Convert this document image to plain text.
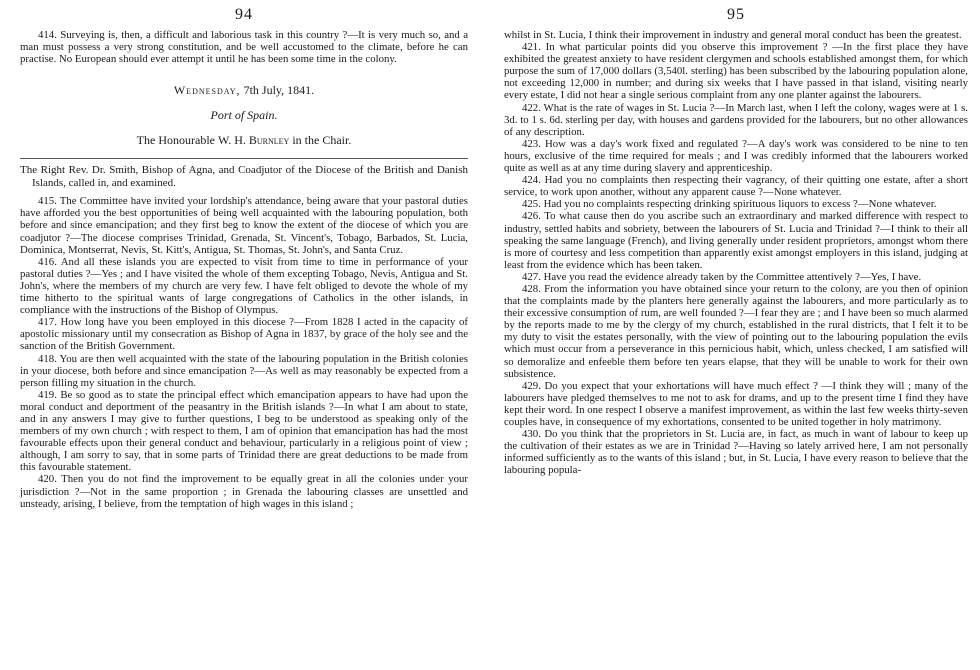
94

414. Surveying is, then, a difficult and laborious task in this country ?—It is very much so, and a man must possess a very strong constitution, and be well accustomed to the climate, before he can practise. No European should ever attempt it until he has been some time in the colony.

Wednesday, 7th July, 1841.
Port of Spain.
The Honourable W. H. Burnley in the Chair.

The Right Rev. Dr. Smith, Bishop of Agna, and Coadjutor of the Diocese of the British and Danish Islands, called in, and examined.

415. The Committee have invited your lordship's attendance, being aware that your pastoral duties have afforded you the best opportunities of being well acquainted with the labouring population, both before and since emancipation; and they first beg to know the extent of the diocese of which you are coadjutor ?—The diocese comprises Trinidad, Grenada, St. Vincent's, Tobago, Barbados, St. Lucia, Dominica, Montserrat, Nevis, St. Kitt's, Antigua, St. Thomas, St. John's, and Santa Cruz.

416. And all these islands you are expected to visit from time to time in performance of your pastoral duties ?—Yes ; and I have visited the whole of them excepting Tobago, Nevis, Antigua and St. John's, where the members of my church are very few. I have felt obliged to devote the whole of my time hitherto to the spiritual wants of large congregations of Catholics in the other islands, in compliance with the instructions of the Bishop of Olympus.

417. How long have you been employed in this diocese ?—From 1828 I acted in the capacity of apostolic missionary until my consecration as Bishop of Agna in 1837, by grace of the holy see and the sanction of the British Government.

418. You are then well acquainted with the state of the labouring population in the British colonies in your diocese, both before and since emancipation ?—As well as may reasonably be expected from a person filling my situation in the church.

419. Be so good as to state the principal effect which emancipation appears to have had upon the moral conduct and deportment of the peasantry in the British islands ?—In what I am about to state, and in any answers I may give to further questions, I beg to be understood as speaking only of the members of my own church ; with respect to them, I am of opinion that emancipation has had the most favourable effects upon their general conduct and behaviour, particularly in a religious point of view ; although, I am sorry to say, that in some parts of Trinidad there are great deductions to be made from this favourable statement.

420. Then you do not find the improvement to be equally great in all the colonies under your jurisdiction ?—Not in the same proportion ; in Grenada the labouring classes are unsettled and unsteady, arising, I believe, from the temptation of high wages in this island ;

95

whilst in St. Lucia, I think their improvement in industry and general moral conduct has been the greatest.

421. In what particular points did you observe this improvement ? —In the first place they have exhibited the greatest anxiety to have resident clergymen and schools established amongst them, for which purpose the sum of 17,000 dollars (3,540l. sterling) has been subscribed by the labouring population alone, not exceeding 12,000 in number; and during six weeks that I have passed in that island, visiting nearly every estate, I did not hear a single serious complaint from any one planter against the labourers.

422. What is the rate of wages in St. Lucia ?—In March last, when I left the colony, wages were at 1 s. 3d. to 1 s. 6d. sterling per day, with houses and gardens provided for the labourers, but no other allowances of any description.

423. How was a day's work fixed and regulated ?—A day's work was considered to be nine to ten hours, exclusive of the time required for meals ; and I was credibly informed that the labourers worked quite as well as at any time during slavery and apprenticeship.

424. Had you no complaints then respecting their vagrancy, of their quitting one estate, after a short service, to work upon another, without any apparent cause ?—None whatever.

425. Had you no complaints respecting drinking spirituous liquors to excess ?—None whatever.

426. To what cause then do you ascribe such an extraordinary and marked difference with respect to industry, settled habits and sobriety, between the labourers of St. Lucia and Trinidad ?—I think to their all speaking the same language (French), and living generally under resident proprietors, amongst whom there is more of courtesy and less competition than apparently exist amongst employers in this island, judging at least from the evidence which has been taken.

427. Have you read the evidence already taken by the Committee attentively ?—Yes, I have.

428. From the information you have obtained since your return to the colony, are you then of opinion that the complaints made by the planters here generally against the labourers, and more particularly as to their excessive consumption of rum, are well founded ?—I fear they are ; and I have been so much alarmed by the reports made to me by the clergy of my church, established in the rural districts, that I felt it to be my duty to visit the estates personally, with the view of pointing out to the labouring population the evils which must occur from a perseverance in this pernicious habit, which, unless checked, I am satisfied will so demoralize and enfeeble them before ten years elapse, that they will be unable to work for their own subsistence.

429. Do you expect that your exhortations will have much effect ? —I think they will ; many of the labourers have pledged themselves to me not to ask for drams, and up to the present time I find they have kept their word. In one respect I observe a manifest improvement, as within the last few weeks thirty-seven couples have, in consequence of my exhortations, consented to be united together in holy matrimony.

430. Do you think that the proprietors in St. Lucia are, in fact, as much in want of labour to keep up the cultivation of their estates as we are in Trinidad ?—Having so lately arrived here, I am not personally informed sufficiently as to the wants of this island ; but, in St. Lucia, I have every reason to believe that the labouring popula-
